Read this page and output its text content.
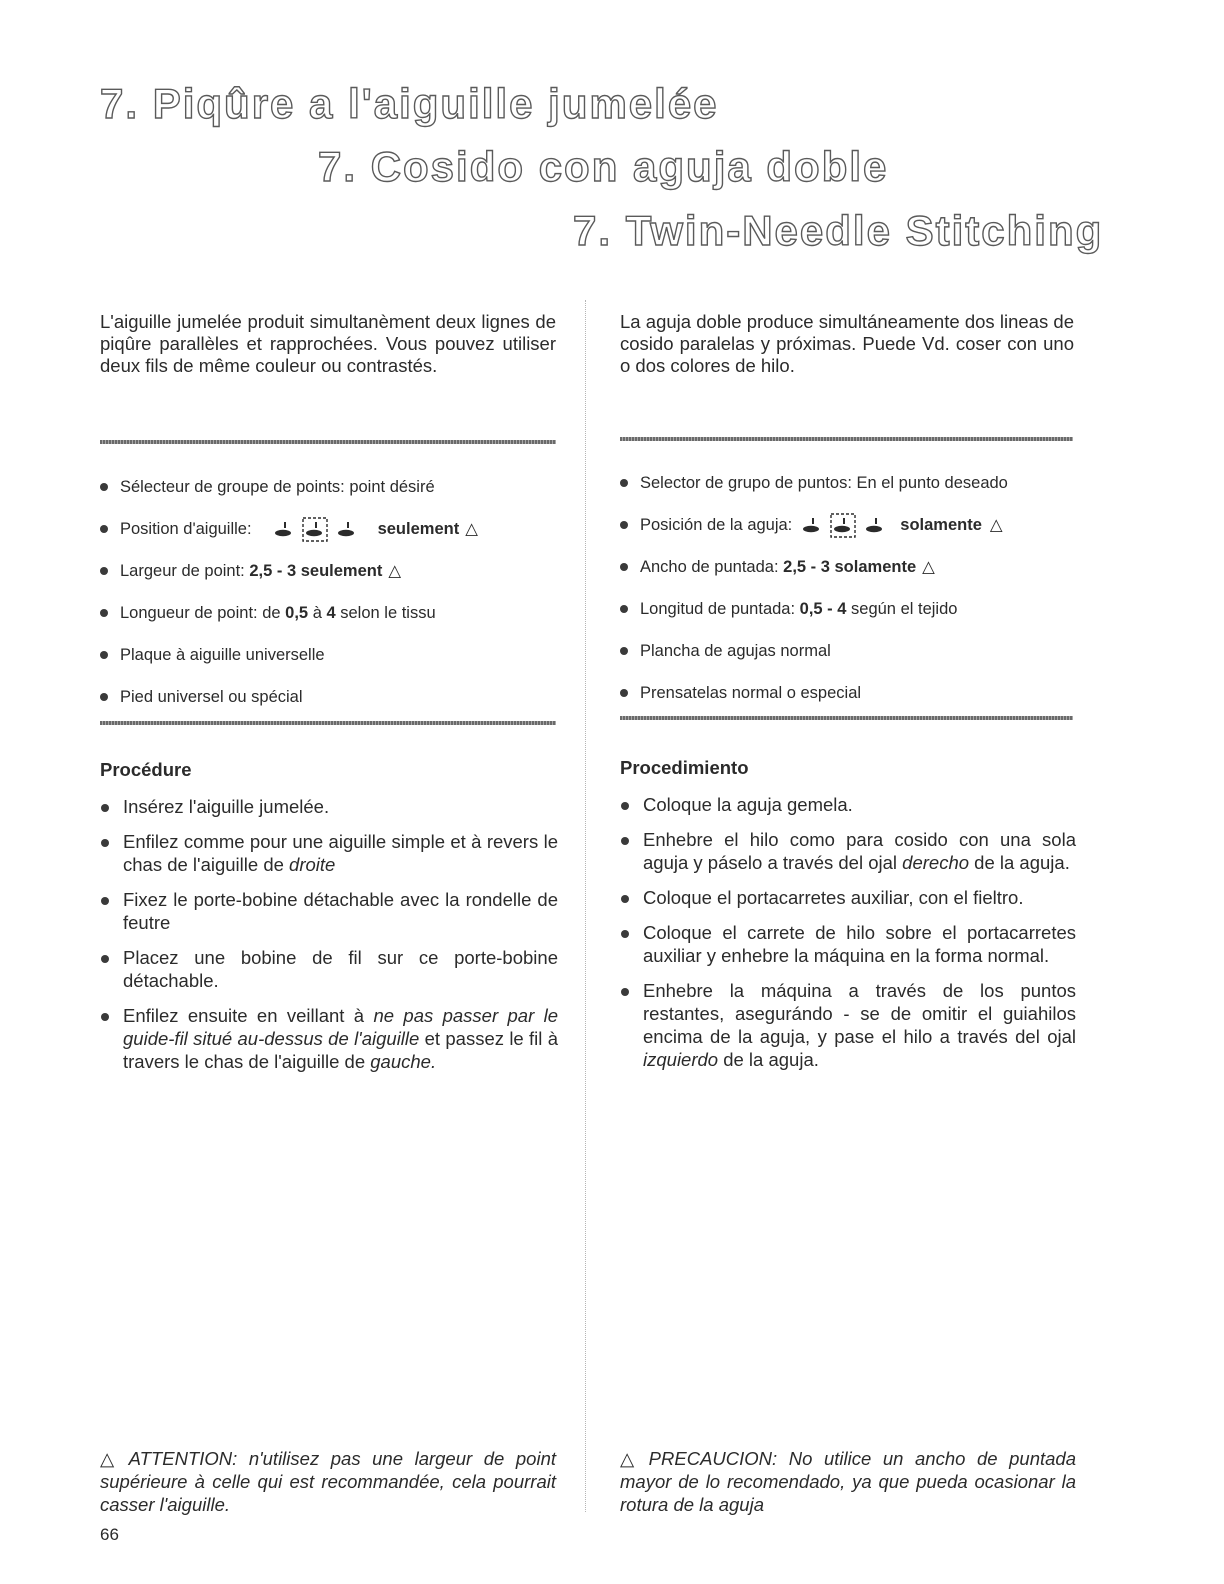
7. Piqûre a l'aiguille jumelée
7. Cosido con aguja doble
7. Twin-Needle Stitching
L'aiguille jumelée produit simultanèment deux lignes de piqûre parallèles et rapprochées. Vous pouvez utiliser deux fils de même couleur ou contrastés.
Sélecteur de groupe de points: point désiré
Position d'aiguille:	seulement △
Largeur de point:
2,5 - 3 seulement △
Longueur de point: de
0,5
à
4
selon le tissu
Plaque à aiguille universelle
Pied universel ou spécial
Procédure
Insérez l'aiguille jumelée.
Enfilez comme pour une aiguille simple et à revers le chas de l'aiguille de droite
Fixez le porte-bobine détachable avec la rondelle de feutre
Placez une bobine de fil sur ce porte-bobine détachable.
Enfilez ensuite en veillant à ne pas passer par le guide-fil situé au-dessus de l'aiguille et passez le fil à travers le chas de l'aiguille de gauche.
△ ATTENTION: n'utilisez pas une largeur de point supérieure à celle qui est recommandée, cela pourrait casser l'aiguille.
La aguja doble produce simultáneamente dos lineas de cosido paralelas y próximas. Puede Vd. coser con uno o dos colores de hilo.
Selector de grupo de puntos: En el punto deseado
Posición de la aguja:	solamente △
Ancho de puntada:
2,5 - 3 solamente △
Longitud de puntada:
0,5 - 4
según el tejido
Plancha de agujas normal
Prensatelas normal o especial
Procedimiento
Coloque la aguja gemela.
Enhebre el hilo como para cosido con una sola aguja y páselo a través del ojal derecho de la aguja.
Coloque el portacarretes auxiliar, con el fieltro.
Coloque el carrete de hilo sobre el portacarretes auxiliar y enhebre la máquina en la forma normal.
Enhebre la máquina a través de los puntos restantes, asegurándo - se de omitir el guiahilos encima de la aguja, y pase el hilo a través del ojal izquierdo de la aguja.
△ PRECAUCION: No utilice un ancho de puntada mayor de lo recomendado, ya que pueda ocasionar la rotura de la aguja
66
